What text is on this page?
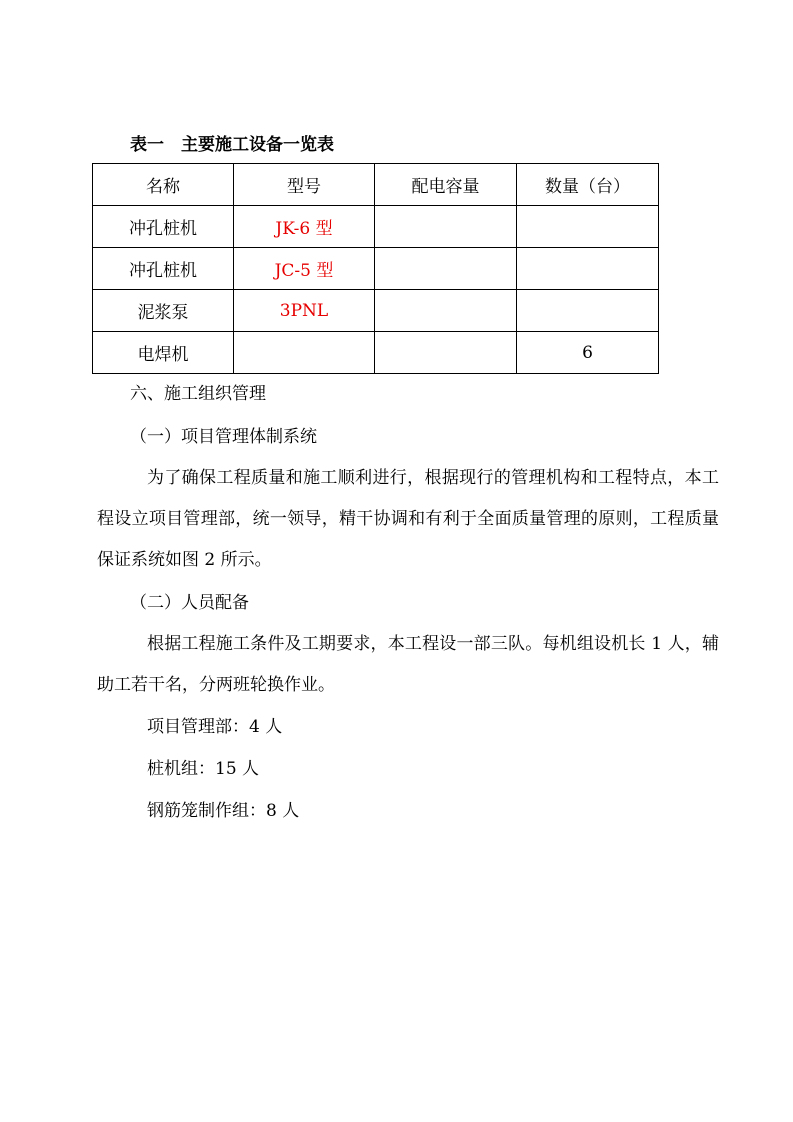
表一　主要施工设备一览表
名称	型号	配电容量	数量（台）
冲孔桩机	JK-6 型		
冲孔桩机	JC-5 型		
泥浆泵	3PNL		
电焊机			6
六、施工组织管理
（一）项目管理体制系统
为了确保工程质量和施工顺利进行，根据现行的管理机构和工程特点，本工程设立项目管理部，统一领导，精干协调和有利于全面质量管理的原则，工程质量保证系统如图 2 所示。
（二）人员配备
根据工程施工条件及工期要求，本工程设一部三队。每机组设机长 1 人，辅助工若干名，分两班轮换作业。
项目管理部：4 人
桩机组：15 人
钢筋笼制作组：8 人
